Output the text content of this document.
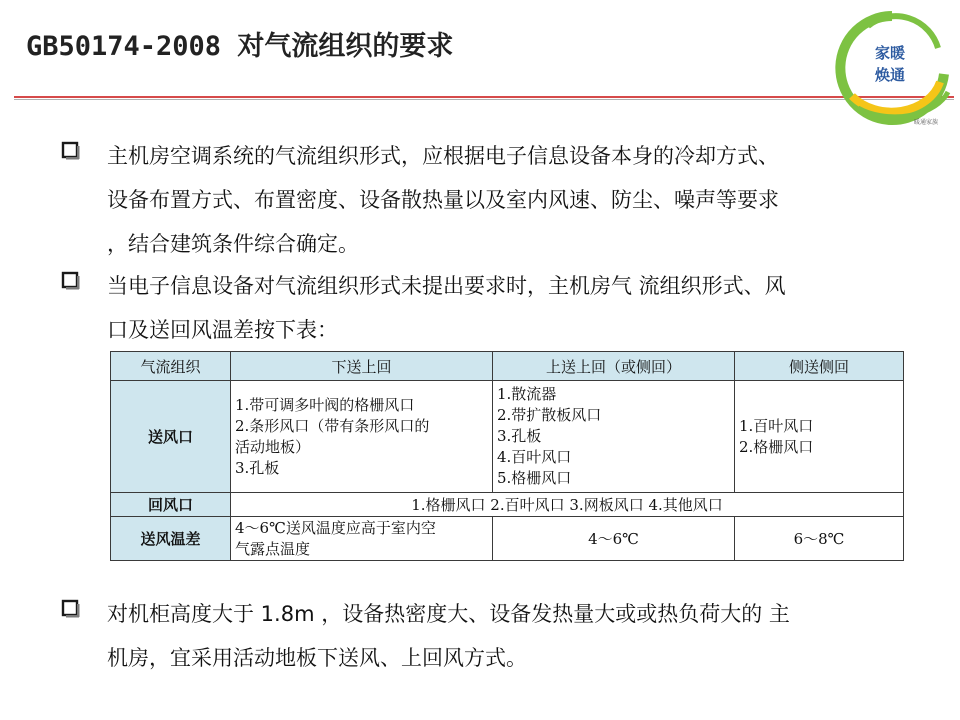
GB50174-2008 对气流组织的要求	家暖
焕通
暖通家族
主机房空调系统的气流组织形式，应根据电子信息设备本身的冷却方式、
设备布置方式、布置密度、设备散热量以及室内风速、防尘、噪声等要求
，结合建筑条件综合确定。
当电子信息设备对气流组织形式未提出要求时，主机房气 流组织形式、风
口及送回风温差按下表：
气流组织	下送上回	上送上回（或侧回）	侧送侧回
送风口	1.带可调多叶阀的格栅风口
2.条形风口（带有条形风口的
活动地板）
3.孔板	1.散流器
2.带扩散板风口
3.孔板
4.百叶风口
5.格栅风口	1.百叶风口
2.格栅风口

回风口	1.格栅风口 2.百叶风口 3.网板风口 4.其他风口		
送风温差	4～6℃送风温度应高于室内空
气露点温度	4～6℃	6～8℃
对机柜高度大于 1.8m ，设备热密度大、设备发热量大或或热负荷大的 主
机房，宜采用活动地板下送风、上回风方式。
